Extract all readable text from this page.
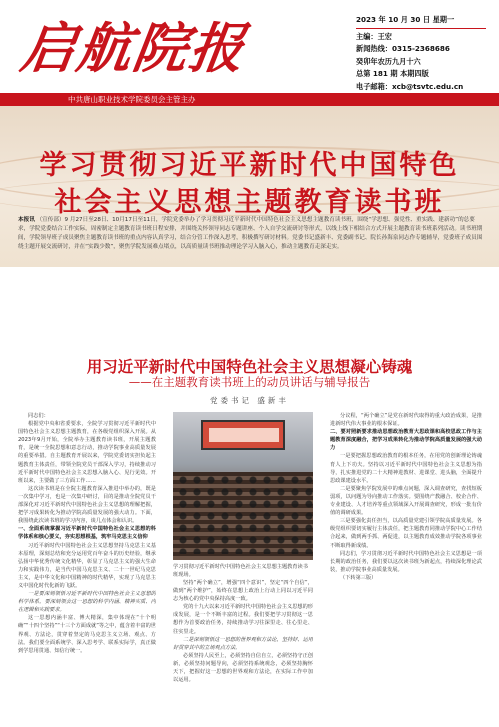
启航院报	2023 年 10 月 30 日 星期一
主编：王宏
新闻热线：0315-2368686
癸卯年农历九月十六
总第 181 期 本期四版
电子邮箱：xcb@tsvtc.edu.cn
中共唐山职业技术学院委员会主管主办
学习贯彻习近平新时代中国特色
社会主义思想主题教育读书班
本报讯 （宣传部）9 月27日至28日、10月17日至11日，学院党委举办了学习贯彻习近平新时代中国特色社会主义思想主题教育读书班，围绕“学思想、强党性、重实践、建新功”的总要求，学院党委结合工作实际，周密制定主题教育读书班日程安排，并围绕关怀领导同志专题讲座、个人自学交流研讨等形式，以线上线下相结合方式开展主题教育读书班系列活动。读书班期间，学院领导班子成员聚焦主题教育读书班的重点内容认真学习，结合分管工作深入思考，积极撰写研讨材料。党委书记盛新丰、党委副书记、院长孙海泉同志作专题辅导，党委班子成员围绕主题开展交流研讨，并在“实践少数”，聚焦学院发展难点堵点，以高质量读书班推动理论学习入脑入心，推动主题教育走深走实。
用习近平新时代中国特色社会主义思想凝心铸魂
——在主题教育读书班上的动员讲话与辅导报告
党委书记 盛新丰

同志们：

根据党中央和省委要求，全院学习贯彻习近平新时代中国特色社会主义思想主题教育，在各级党组织深入开展。从2023年9月开始，全院举办主题教育读书班，开展主题教育，是统一全院思想和意志行动，推动学院事业高质量发展的重要举措。自主题教育开展以来，学院党委切实担负起主题教育主体责任，带领全院党员干部深入学习，持续推动习近平新时代中国特色社会主义思想入脑入心、见行见效。开班以来，主要做了三方面工作……

这次读书班是在全院主题教育深入推进中举办的，既是一次集中学习，也是一次集中研讨，目的是推动全院党员干部深化对习近平新时代中国特色社会主义思想的理解把握，把学习成果转化为推动学院高质量发展的强大动力。下面，我围绕此次读书班的学习内容，谈几点体会和认识。

一、全面系统掌握习近平新时代中国特色社会主义思想的科学体系和核心要义，夯实思想根基，筑牢马克思主义信仰

习近平新时代中国特色社会主义思想坚持马克思主义基本原理，深刻总结和充分运用党百年奋斗的历史经验，继承弘扬中华优秀传统文化精华，彰显了马克思主义的强大生命力和实践伟力，是当代中国马克思主义、二十一世纪马克思主义，是中华文化和中国精神的时代精华，实现了马克思主义中国化时代化新的飞跃。

一是要深刻领悟习近平新时代中国特色社会主义思想的科学体系。要深刻领会这一思想的科学内涵、精神实质、内在逻辑和实践要求。

这一思想内涵丰富、博大精深，集中体现在“十个明确”“十四个坚持”“十三个方面成就”等之中，蕴含着丰富的世界观、方法论，贯穿着坚定的马克思主义立场、观点、方法。我们要全面系统学、深入思考学、联系实际学，真正做到学思用贯通、知信行统一。

学习贯彻习近平新时代中国特色社会主义思想主题教育读书班现场。

坚持“两个确立”，增强“四个意识”，坚定“四个自信”，做到“两个维护”，始终在思想上政治上行动上同以习近平同志为核心的党中央保持高度一致。

党的十九大以来习近平新时代中国特色社会主义思想的形成发展，是一个不断丰富的过程。我们要把学习贯彻这一思想作为首要政治任务，持续推动学习往深里走、往心里走、往实里走。

二是深刻领悟这一思想的世界观和方法论，坚持好、运用好贯穿其中的立场观点方法。

必须坚持人民至上，必须坚持自信自立，必须坚持守正创新，必须坚持问题导向，必须坚持系统观念，必须坚持胸怀天下，把握好这一思想的世界观和方法论，在实际工作中加以运用。

分议程，“两个确立”是党在新时代取得的重大政治成果，是推进新时代伟大事业的根本保证。

二、要对照新要求推动思想政治教育大思政课和高校思政工作与主题教育深度融合，把学习成果转化为推动学院高质量发展的强大动力

一是要把握思想政治教育的根本任务，在用党的创新理论铸魂育人上下功夫。坚持以习近平新时代中国特色社会主义思想为指导，扎实推进党的二十大精神进教材、进课堂、进头脑，全面提升思政课建设水平。

二是要聚焦学院发展中的难点问题，深入调查研究，查找短板弱项，以问题为导向推动工作落实。要围绕产教融合、校企合作、专业建设、人才培养等重点领域深入开展调查研究，形成一批有价值的调研成果。

三是要强化责任担当，以高质量党建引领学院高质量发展。各级党组织要切实履行主体责任，把主题教育同推动学院中心工作结合起来，做到两手抓、两促进，以主题教育成效推动学院各项事业不断取得新成绩。

同志们，学习贯彻习近平新时代中国特色社会主义思想是一项长期的政治任务，我们要以这次读书班为新起点，持续深化理论武装，推动学院事业高质量发展。

（下转第三版）
